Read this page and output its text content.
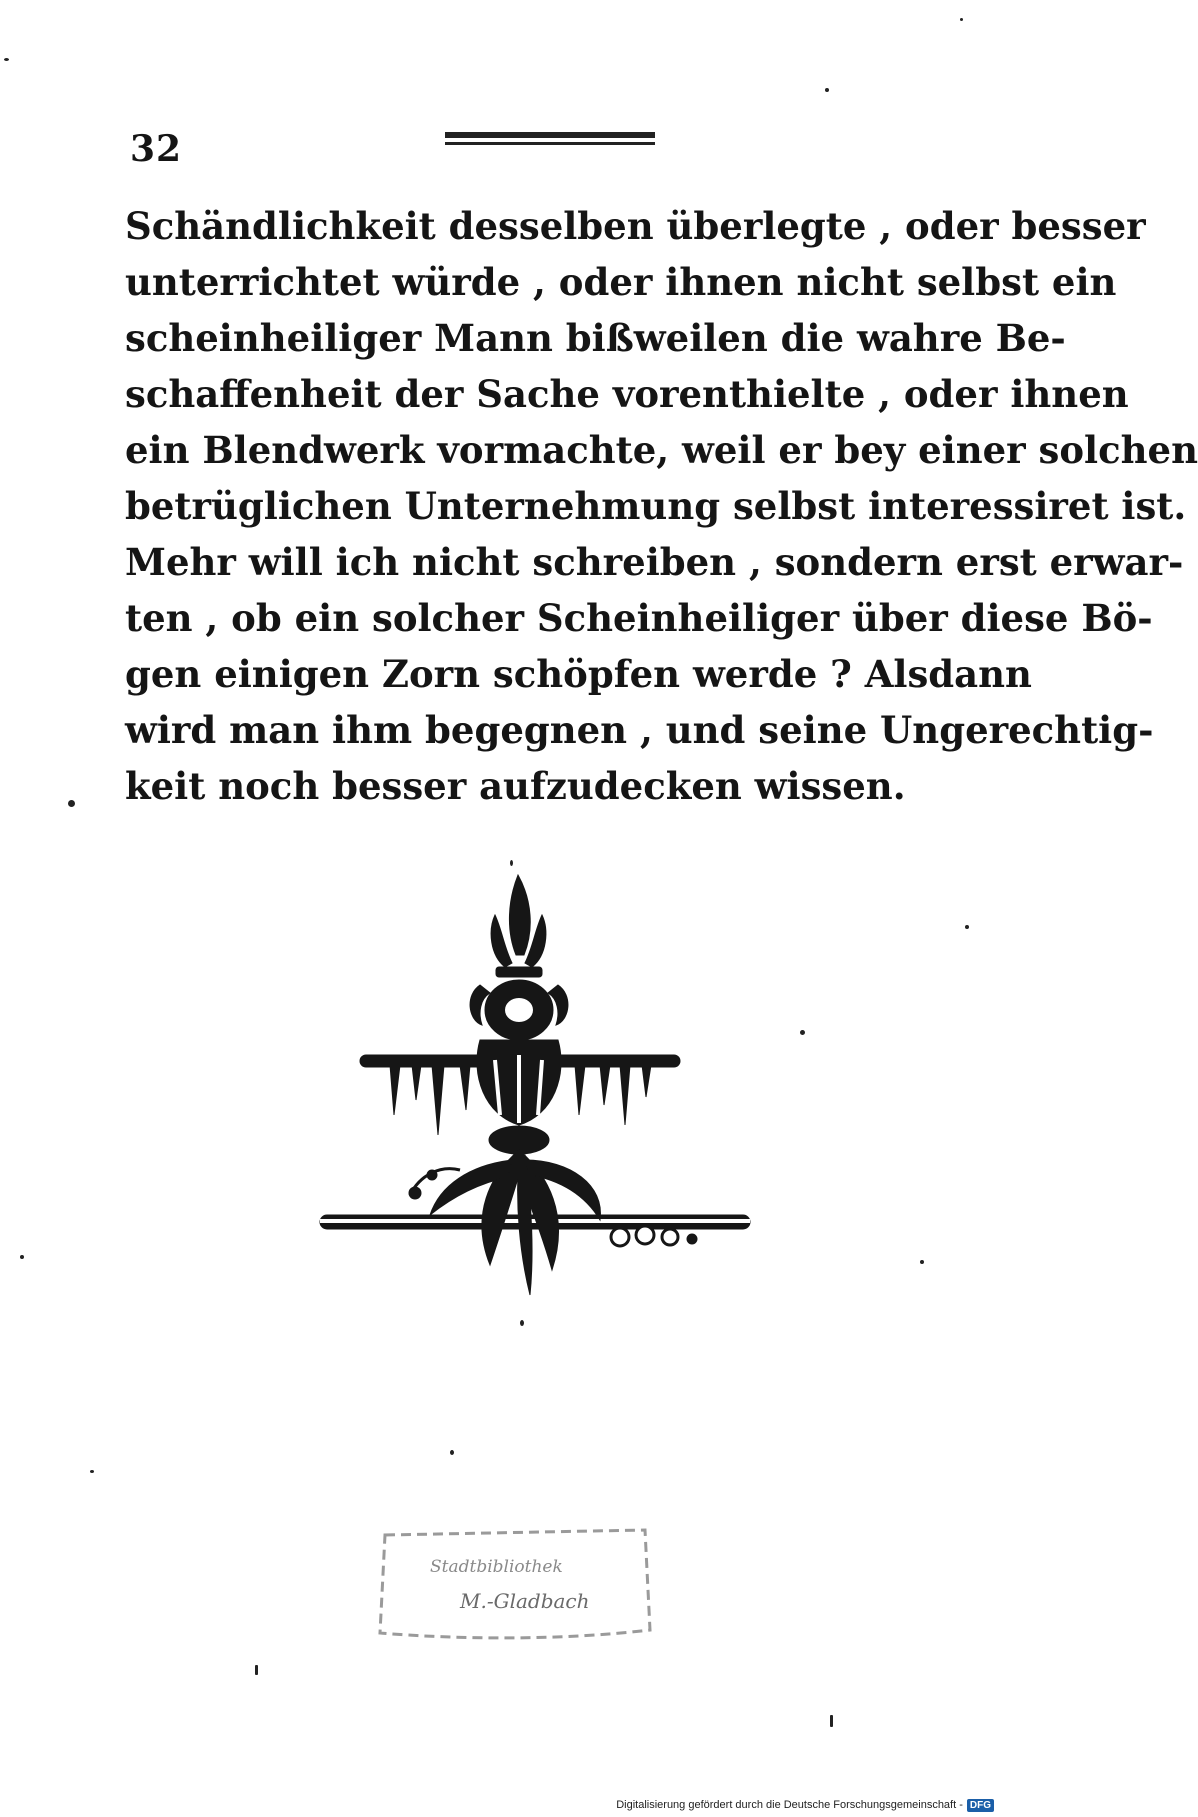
32
Schändlichkeit desselben überlegte , oder besser
unterrichtet würde , oder ihnen nicht selbst ein
scheinheiliger Mann bißweilen die wahre Be-
schaffenheit der Sache vorenthielte , oder ihnen
ein Blendwerk vormachte, weil er bey einer solchen
betrüglichen Unternehmung selbst interessiret ist.
Mehr will ich nicht schreiben , sondern erst erwar-
ten , ob ein solcher Scheinheiliger über diese Bö-
gen einigen Zorn schöpfen werde ? Alsdann
wird man ihm begegnen , und seine Ungerechtig-
keit noch besser aufzudecken wissen.
Stadtbibliothek
M.-Gladbach
Digitalisierung gefördert durch die Deutsche Forschungsgemeinschaft - DFG
